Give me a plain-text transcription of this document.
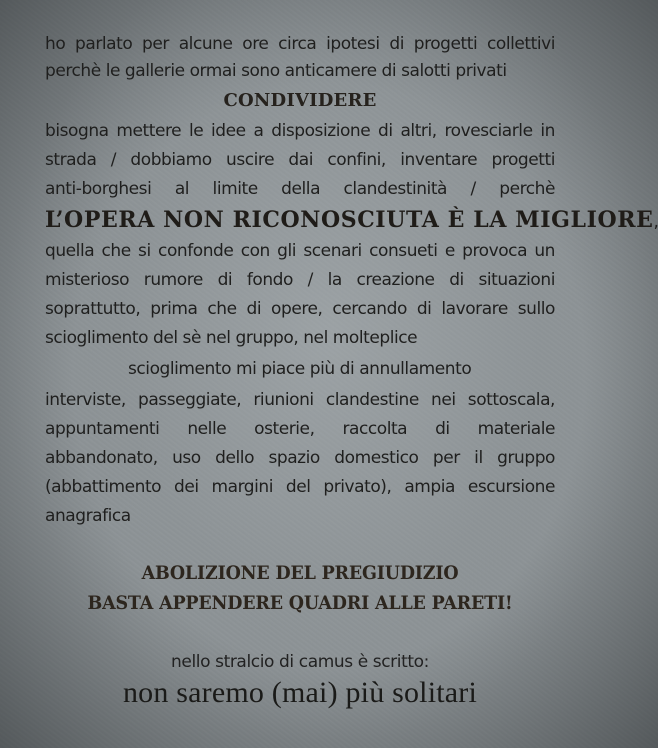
ho parlato per alcune ore circa ipotesi di progetti collettivi
perchè le gallerie ormai sono anticamere di salotti privati
CONDIVIDERE
bisogna mettere le idee a disposizione di altri, rovesciarle in
strada / dobbiamo uscire dai confini, inventare progetti
anti-borghesi al limite della clandestinità / perchè
L’OPERA NON RICONOSCIUTA È LA MIGLIORE,
quella che si confonde con gli scenari consueti e provoca un
misterioso rumore di fondo / la creazione di situazioni
soprattutto, prima che di opere, cercando di lavorare sullo
scioglimento del sè nel gruppo, nel molteplice
scioglimento mi piace più di annullamento
interviste, passeggiate, riunioni clandestine nei sottoscala,
appuntamenti nelle osterie, raccolta di materiale
abbandonato, uso dello spazio domestico per il gruppo
(abbattimento dei margini del privato), ampia escursione
anagrafica
ABOLIZIONE DEL PREGIUDIZIO
BASTA APPENDERE QUADRI ALLE PARETI!
nello stralcio di camus è scritto:
non saremo (mai) più solitari
